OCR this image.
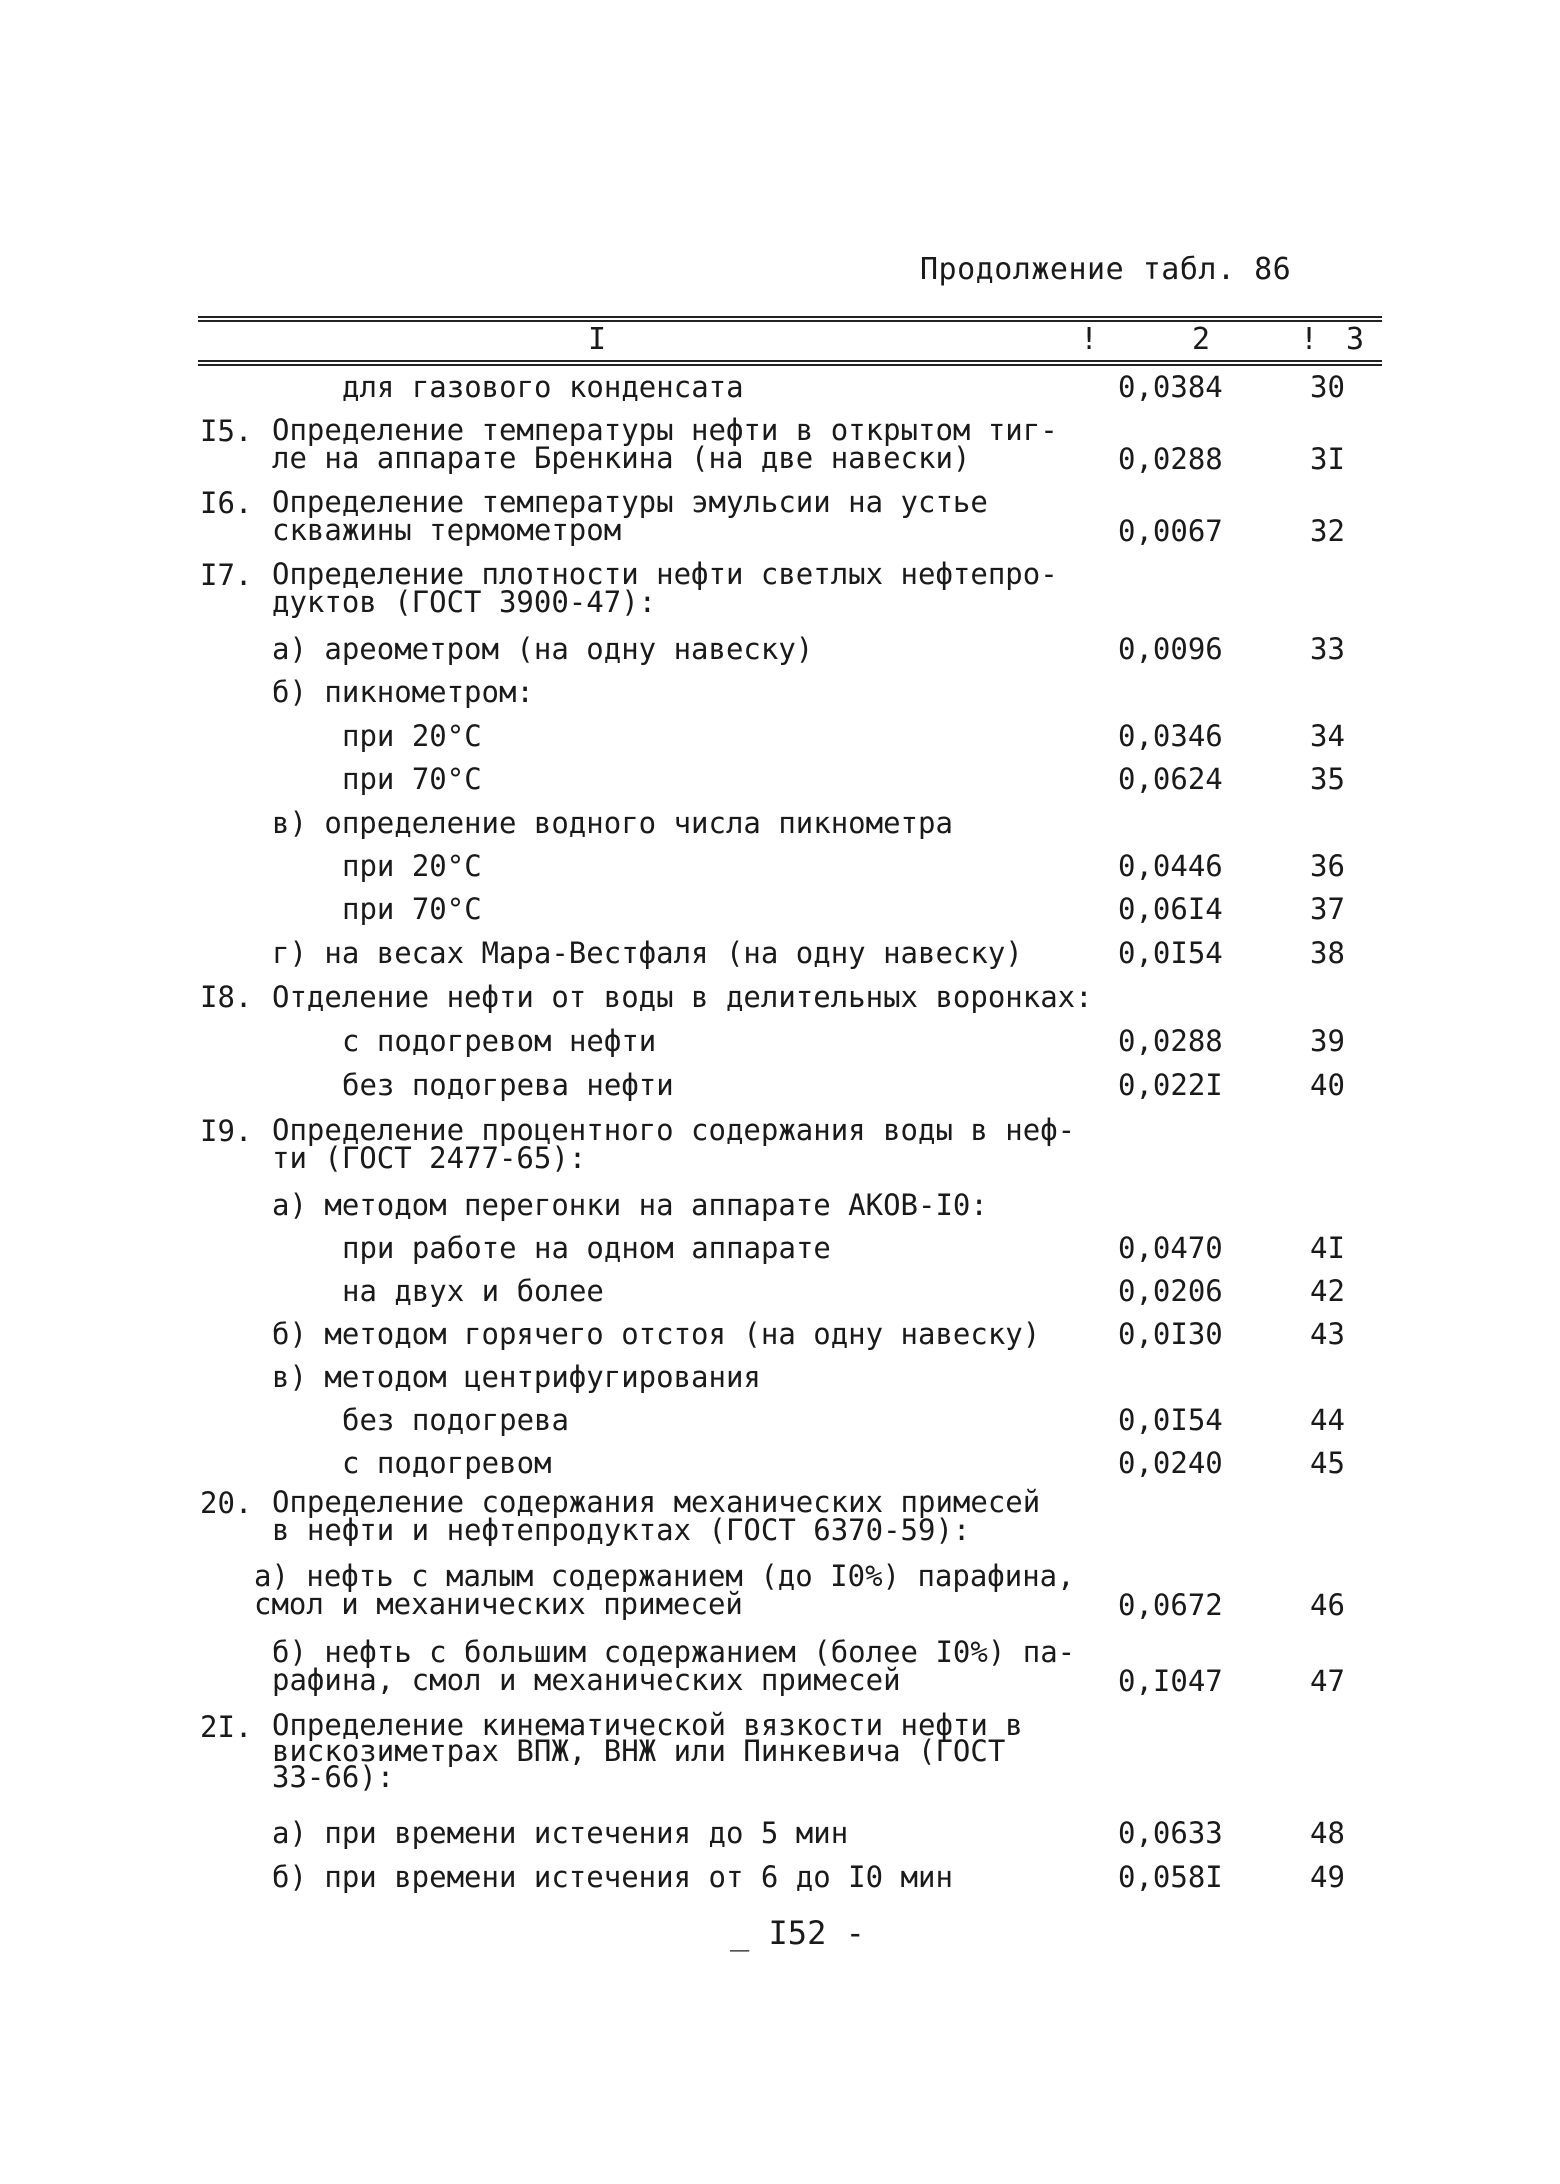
Продолжение табл. 86
I	!	2	! 3
для газового конденсата	0,0384	30
I5. Определение температуры нефти в открытом тиг-
ле на аппарате Бренкина (на две навески)	0,0288	3I
I6. Определение температуры эмульсии на устье
скважины термометром	0,0067	32
I7. Определение плотности нефти светлых нефтепро-
дуктов (ГОСТ 3900-47):
а) ареометром (на одну навеску)	0,0096	33
б) пикнометром:
при 20°С	0,0346	34
при 70°С	0,0624	35
в) определение водного числа пикнометра
при 20°С	0,0446	36
при 70°С	0,06I4	37
г) на весах Мара-Вестфаля (на одну навеску)	0,0I54	38
I8. Отделение нефти от воды в делительных воронках:
с подогревом нефти	0,0288	39
без подогрева нефти	0,022I	40
I9. Определение процентного содержания воды в неф-
ти (ГОСТ 2477-65):
а) методом перегонки на аппарате АКОВ-I0:
при работе на одном аппарате	0,0470	4I
на двух и более	0,0206	42
б) методом горячего отстоя (на одну навеску)	0,0I30	43
в) методом центрифугирования
без подогрева	0,0I54	44
с подогревом	0,0240	45
20. Определение содержания механических примесей
в нефти и нефтепродуктах (ГОСТ 6370-59):
а) нефть с малым содержанием (до I0%) парафина,
смол и механических примесей	0,0672	46
б) нефть с большим содержанием (более I0%) па-
рафина, смол и механических примесей	0,I047	47
2I. Определение кинематической вязкости нефти в
вискозиметрах ВПЖ, ВНЖ или Пинкевича (ГОСТ
33-66):
а) при времени истечения до 5 мин	0,0633	48
б) при времени истечения от 6 до I0 мин	0,058I	49
_ I52 -
